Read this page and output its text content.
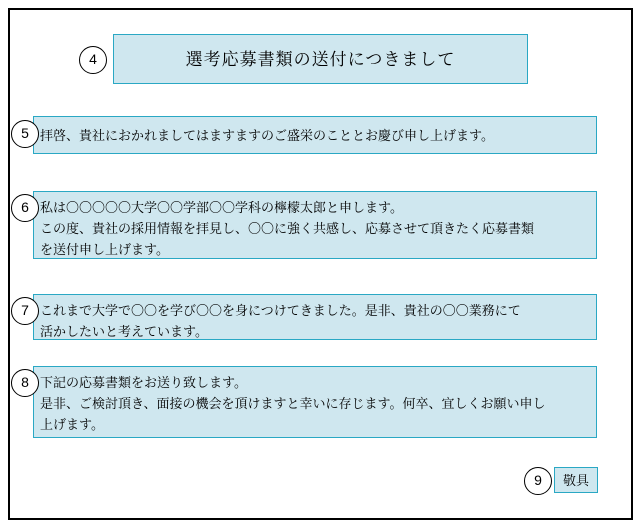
4	選考応募書類の送付につきまして
5 拝啓、貴社におかれましてはますますのご盛栄のこととお慶び申し上げます。
6 私は〇〇〇〇〇大学〇〇学部〇〇学科の檸檬太郎と申します。
この度、貴社の採用情報を拝見し、〇〇に強く共感し、応募させて頂きたく応募書類
を送付申し上げます。
7 これまで大学で〇〇を学び〇〇を身につけてきました。是非、貴社の〇〇業務にて
活かしたいと考えています。
8 下記の応募書類をお送り致します。
是非、ご検討頂き、面接の機会を頂けますと幸いに存じます。何卒、宜しくお願い申し
上げます。
9	敬具
